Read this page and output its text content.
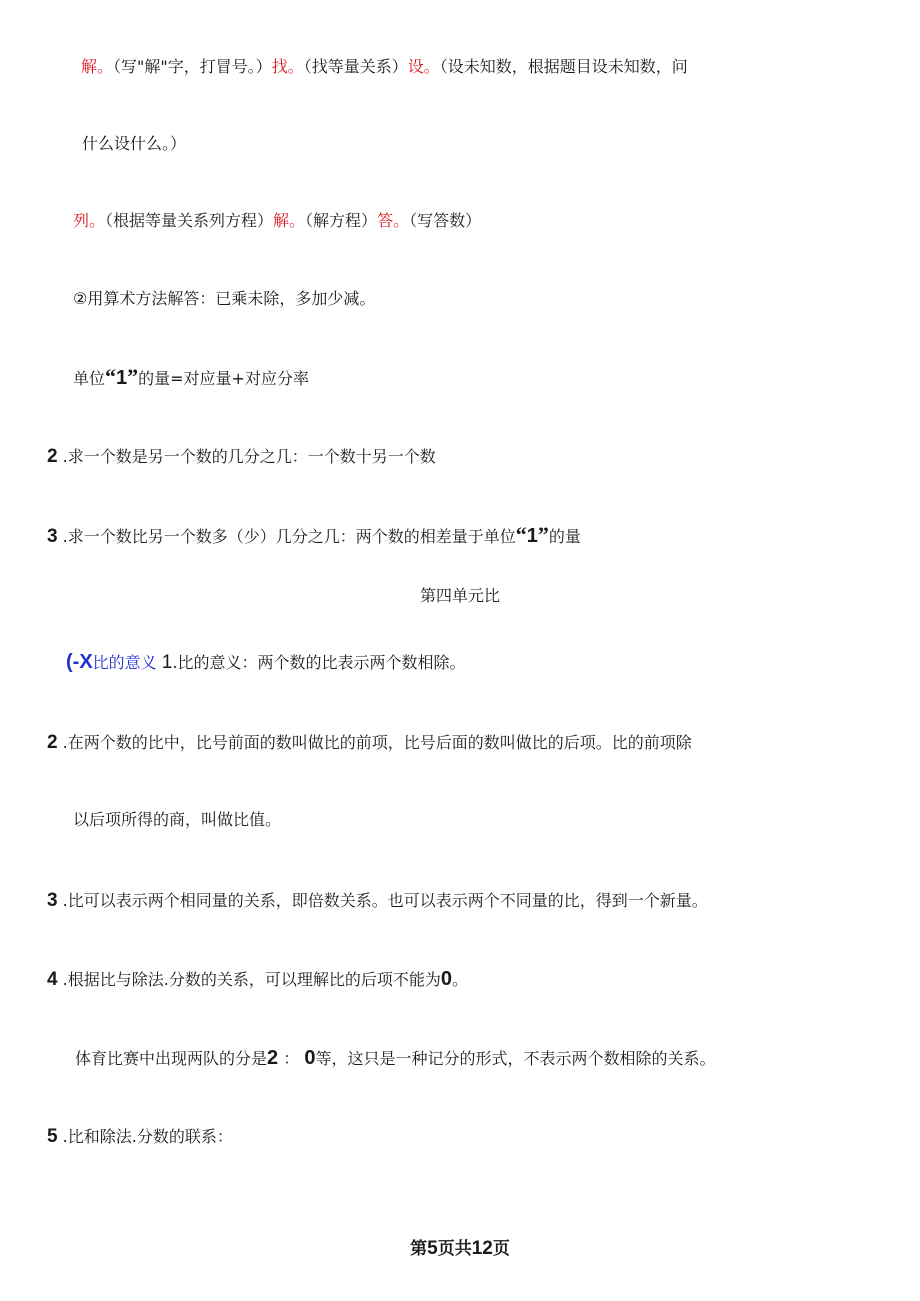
解。（写"解"字，打冒号。）找。（找等量关系）设。（设未知数，根据题目设未知数，问
什么设什么。）
列。（根据等量关系列方程）解。（解方程）答。（写答数）
②用算术方法解答：已乘未除，多加少减。
单位“1”的量=对应量+对应分率
2 .求一个数是另一个数的几分之几：一个数十另一个数
3 .求一个数比另一个数多（少）几分之几：两个数的相差量于单位“1”的量
第四单元比
(-X比的意义 1.比的意义：两个数的比表示两个数相除。
2 .在两个数的比中，比号前面的数叫做比的前项，比号后面的数叫做比的后项。比的前项除
以后项所得的商，叫做比值。
3 .比可以表示两个相同量的关系，即倍数关系。也可以表示两个不同量的比，得到一个新量。
4 .根据比与除法.分数的关系，可以理解比的后项不能为0。
体育比赛中出现两队的分是2 ： 0等，这只是一种记分的形式，不表示两个数相除的关系。
5 .比和除法.分数的联系：
第5页共12页
